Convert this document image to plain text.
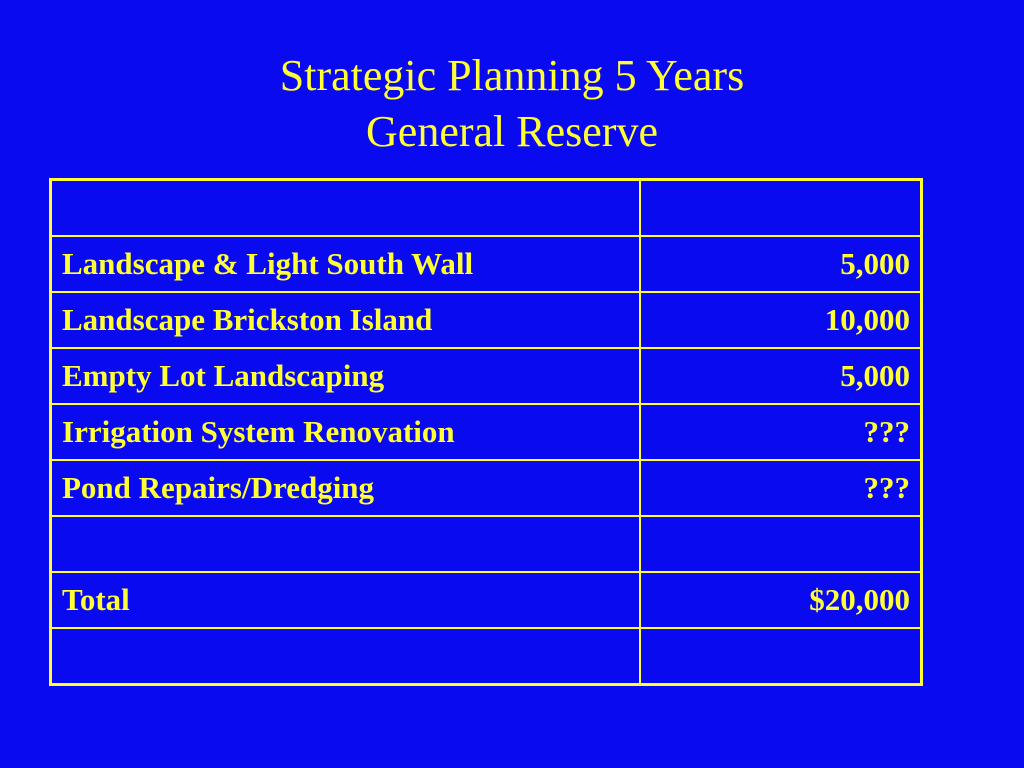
Strategic Planning 5 Years
General Reserve

Landscape & Light South Wall	5,000
Landscape Brickston Island	10,000
Empty Lot Landscaping	5,000
Irrigation System Renovation	???
Pond Repairs/Dredging	???

Total	$20,000
